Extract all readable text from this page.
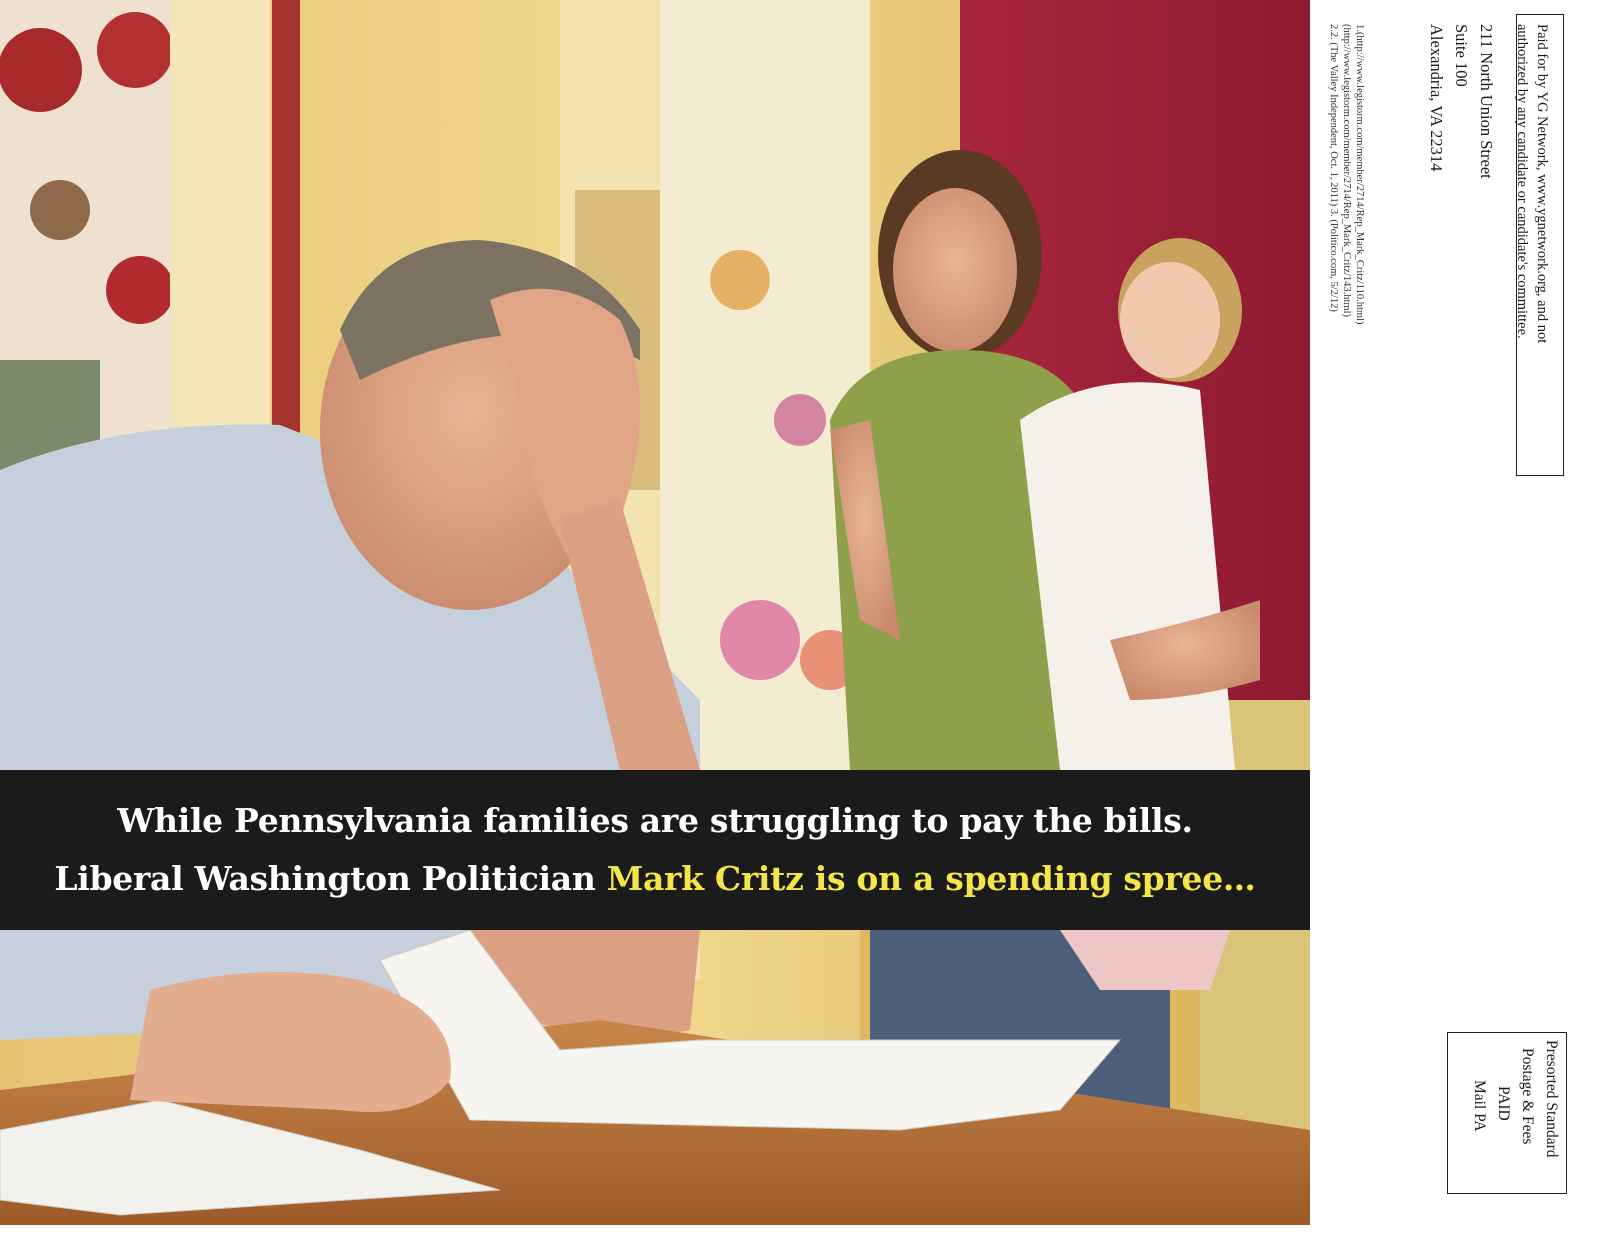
While Pennsylvania families are struggling to pay the bills.
Liberal Washington Politician Mark Critz is on a spending spree…
Paid for by YG Network, www.ygnetwork.org, and not
authorized by any candidate or candidate's committee.
211 North Union Street
Suite 100
Alexandria, VA 22314
1.(http://www.legistorm.com/member/2714/Rep_Mark_Critz/110.html)
(http://www.legistorm.com/member/2714/Rep_Mark_Critz/143.html)
2.2. (The Valley Independent, Oct. 1, 2011) 3. (Politico.com, 5/2/12)
Presorted Standard
Postage & Fees
PAID
Mail PA
